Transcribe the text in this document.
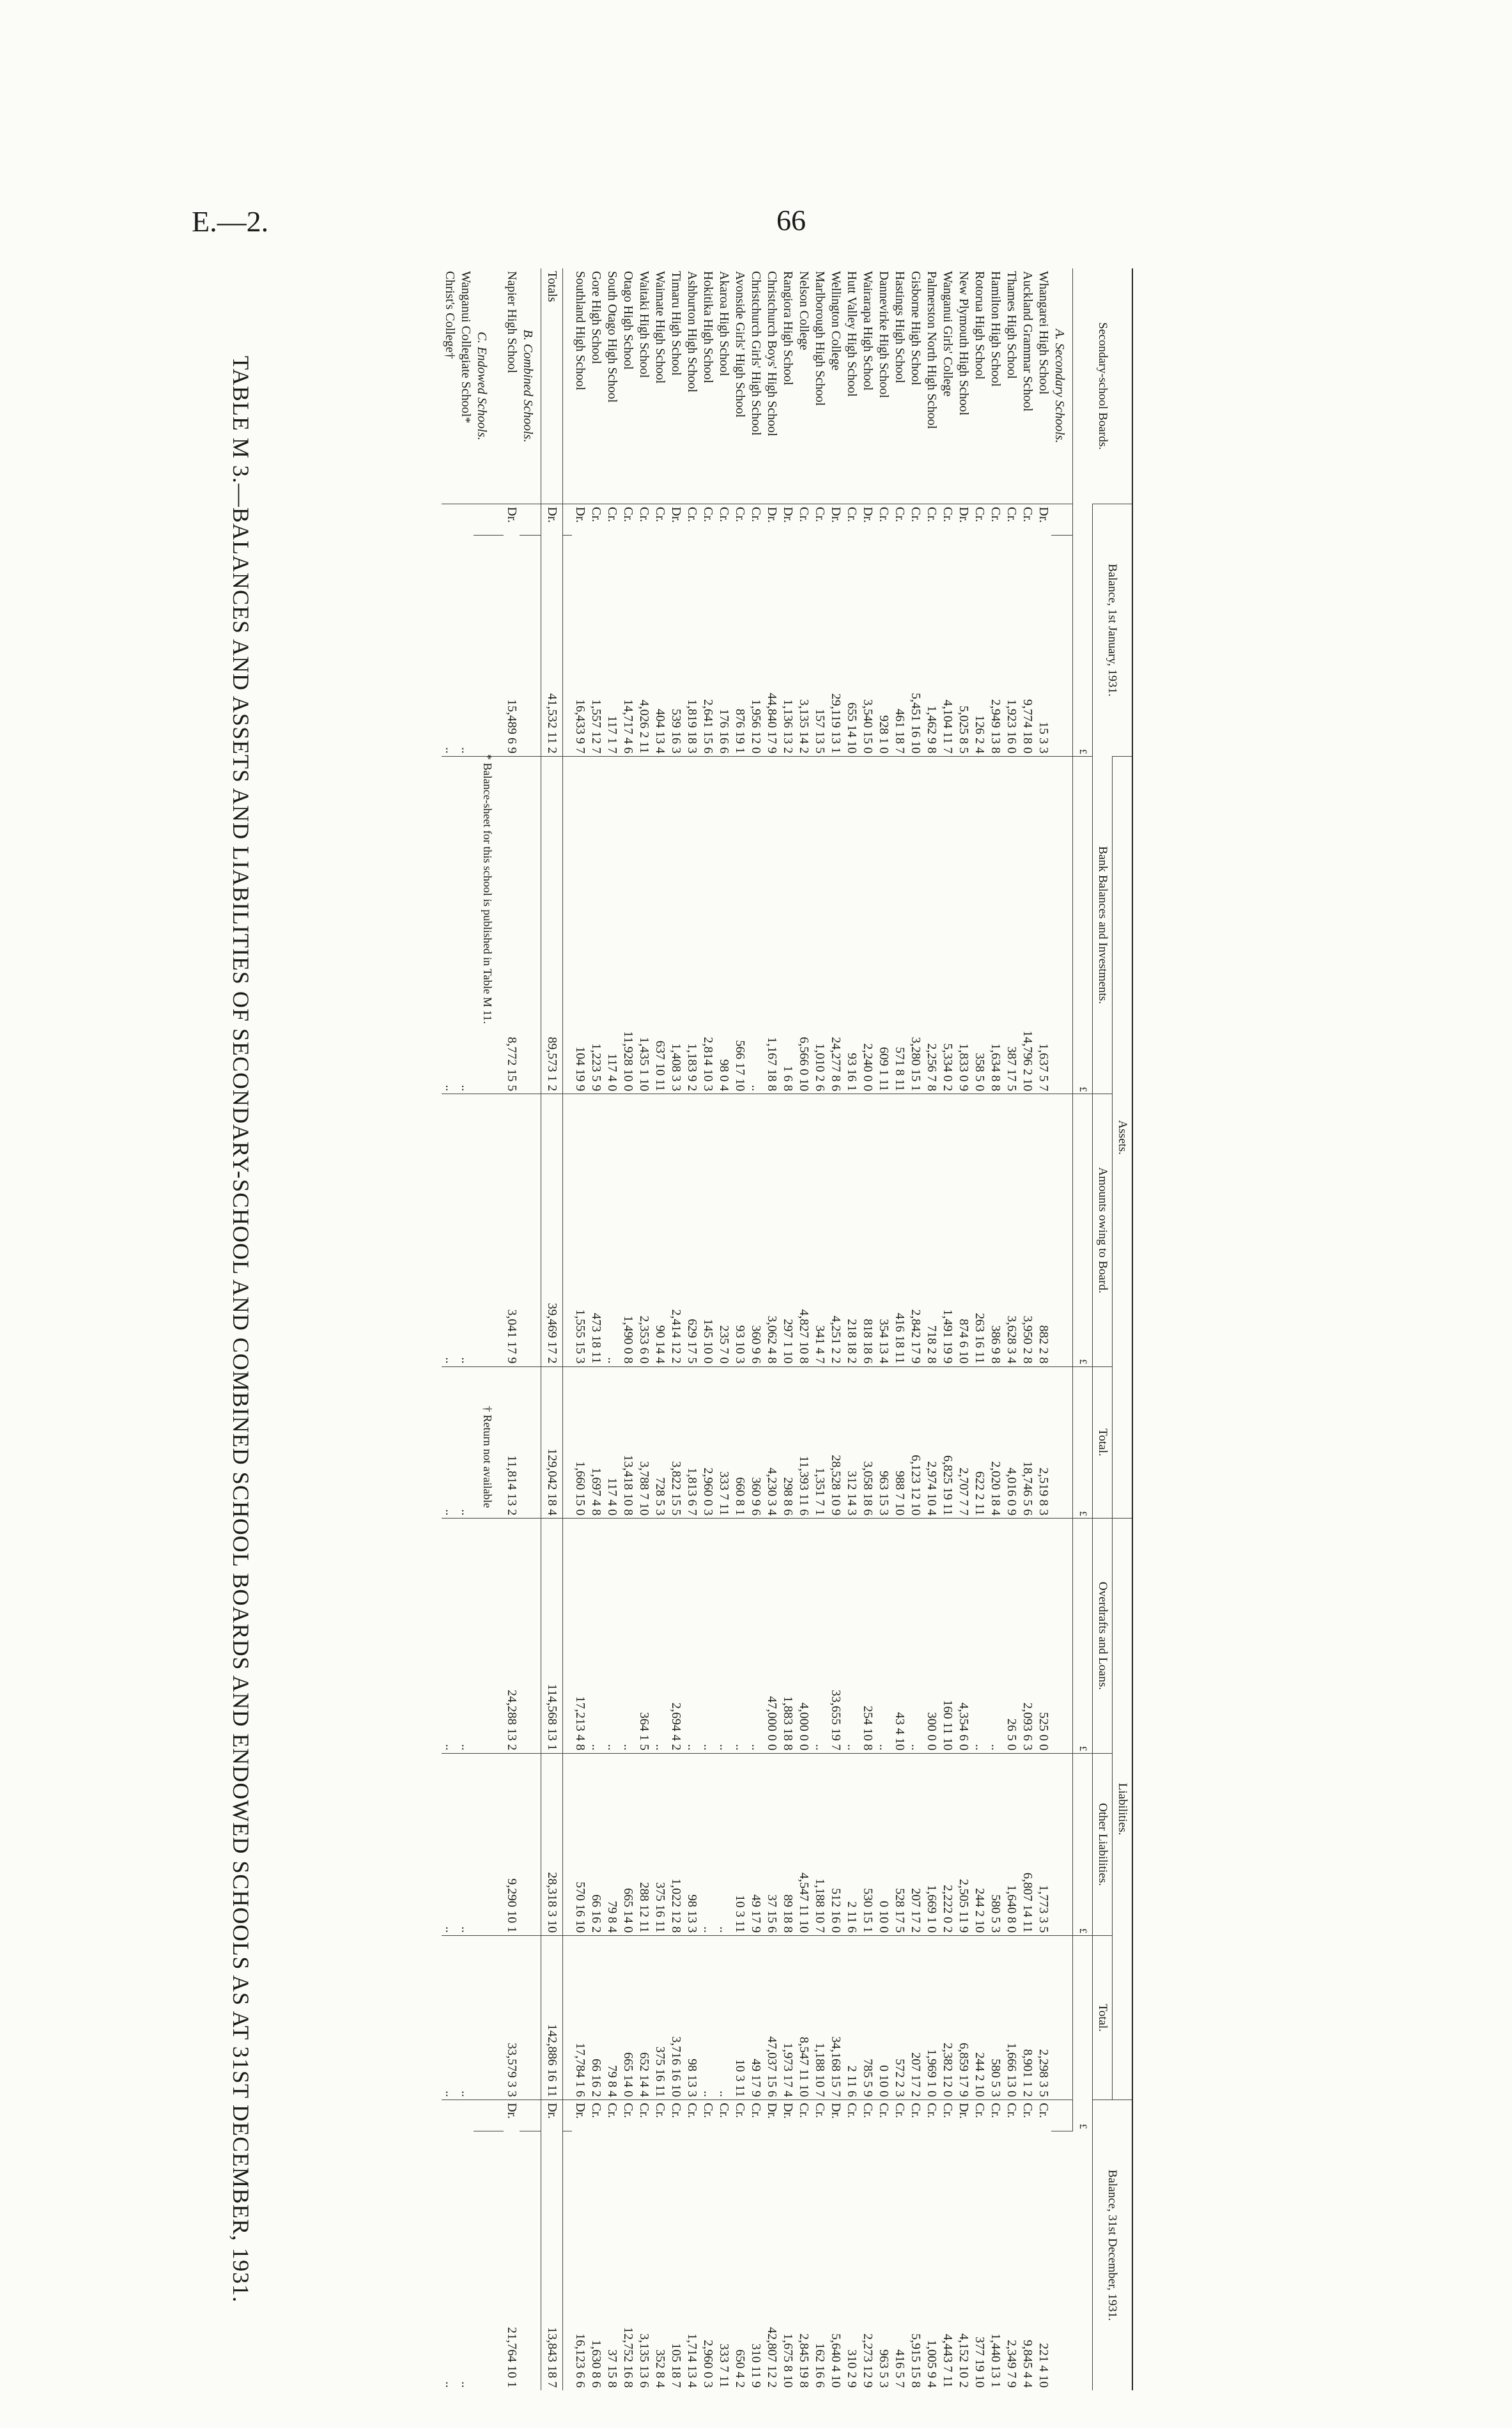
E.—2.	66
TABLE M 3.—BALANCES AND ASSETS AND LIABILITIES OF SECONDARY-SCHOOL AND COMBINED SCHOOL BOARDS AND ENDOWED SCHOOLS AS AT 31ST DECEMBER, 1931.	Secondary-school Boards.	Balance, 1st January, 1931.		Assets.			Liabilities.			Balance, 31st December, 1931.	
			Bank Balances and Investments.	Amounts owing to Board.	Total.	Overdrafts and Loans.	Other Liabilities.	Total.		
	£		£	£	£	£	£	£		
A. Secondary Schools.										
Whangarei High School	Dr.	15 3 3	1,637 5 7	882 2 8	2,519 8 3	525 0 0	1,773 3 5	2,298 3 5	Cr.	221 4 10
Auckland Grammar School	Cr.	9,774 18 0	14,796 2 10	3,950 2 8	18,746 5 6	2,093 6 3	6,807 14 11	8,901 1 2	Cr.	9,845 4 4
Thames High School	Cr.	1,923 16 0	387 17 5	3,628 3 4	4,016 0 9	26 5 0	1,640 8 0	1,666 13 0	Cr.	2,349 7 9
Hamilton High School	Cr.	2,949 13 8	1,634 8 8	386 9 8	2,020 18 4	..	580 5 3	580 5 3	Cr.	1,440 13 1
Rotorua High School	Cr.	126 2 4	358 5 0	263 16 11	622 2 11	..	244 2 10	244 2 10	Cr.	377 19 10
New Plymouth High School	Dr.	5,025 8 5	1,833 0 9	874 6 10	2,707 7 7	4,354 6 0	2,505 11 9	6,859 17 9	Dr.	4,152 10 2
Wanganui Girls' College	Cr.	4,104 11 7	5,334 0 2	1,491 19 9	6,825 19 11	160 11 10	2,222 0 2	2,382 12 0	Cr.	4,443 7 11
Palmerston North High School	Cr.	1,462 9 8	2,256 7 8	718 2 8	2,974 10 4	300 0 0	1,669 1 0	1,969 1 0	Cr.	1,005 9 4
Gisborne High School	Cr.	5,451 16 10	3,280 15 1	2,842 17 9	6,123 12 10	..	207 17 2	207 17 2	Cr.	5,915 15 8
Hastings High School	Cr.	461 18 7	571 8 11	416 18 11	988 7 10	43 4 10	528 17 5	572 2 3	Cr.	416 5 7
Dannevirke High School	Cr.	928 1 0	609 1 11	354 13 4	963 15 3	..	0 10 0	0 10 0	Cr.	963 5 3
Wairarapa High School	Dr.	3,540 15 0	2,240 0 0	818 18 6	3,058 18 6	254 10 8	530 15 1	785 5 9	Cr.	2,273 12 9
Hutt Valley High School	Cr.	655 14 10	93 16 1	218 18 2	312 14 3	..	2 11 6	2 11 6	Cr.	310 2 9
Wellington College	Dr.	29,119 13 1	24,277 8 6	4,251 2 2	28,528 10 9	33,655 19 7	512 16 0	34,168 15 7	Dr.	5,640 4 10
Marlborough High School	Cr.	157 13 5	1,010 2 6	341 4 7	1,351 7 1	..	1,188 10 7	1,188 10 7	Cr.	162 16 6
Nelson College	Cr.	3,135 14 2	6,566 0 10	4,827 10 8	11,393 11 6	4,000 0 0	4,547 11 10	8,547 11 10	Cr.	2,845 19 8
Rangiora High School	Dr.	1,136 13 2	1 6 8	297 1 10	298 8 6	1,883 18 8	89 18 8	1,973 17 4	Dr.	1,675 8 10
Christchurch Boys' High School	Dr.	44,840 17 9	1,167 18 8	3,062 4 8	4,230 3 4	47,000 0 0	37 15 6	47,037 15 6	Dr.	42,807 12 2
Christchurch Girls' High School	Cr.	1,956 12 0	..	360 9 6	360 9 6	..	49 17 9	49 17 9	Cr.	310 11 9
Avonside Girls' High School	Cr.	876 19 1	566 17 10	93 10 3	660 8 1	..	10 3 11	10 3 11	Cr.	650 4 2
Akaroa High School	Cr.	176 16 6	98 0 4	235 7 0	333 7 11	..	..	..	Cr.	333 7 11
Hokitika High School	Cr.	2,641 15 6	2,814 10 3	145 10 0	2,960 0 3	..	..	..	Cr.	2,960 0 3
Ashburton High School	Cr.	1,819 18 3	1,183 9 2	629 17 5	1,813 6 7	..	98 13 3	98 13 3	Cr.	1,714 13 4
Timaru High School	Dr.	539 16 3	1,408 3 3	2,414 12 2	3,822 15 5	2,694 4 2	1,022 12 8	3,716 16 10	Cr.	105 18 7
Waimate High School	Cr.	404 13 4	637 10 11	90 14 4	728 5 3	..	375 16 11	375 16 11	Cr.	352 8 4
Waitaki High School	Cr.	4,026 2 11	1,435 1 10	2,353 6 0	3,788 7 10	364 1 5	288 12 11	652 14 4	Cr.	3,135 13 6
Otago High School	Cr.	14,717 4 6	11,928 10 0	1,490 0 8	13,418 10 8	..	665 14 0	665 14 0	Cr.	12,752 16 8
South Otago High School	Cr.	117 1 7	117 4 0	..	117 4 0	..	79 8 4	79 8 4	Cr.	37 15 8
Gore High School	Cr.	1,557 12 7	1,223 5 9	473 18 11	1,697 4 8	..	66 16 2	66 16 2	Cr.	1,630 8 6
Southland High School	Dr.	16,433 9 7	104 19 9	1,555 15 3	1,660 15 0	17,213 4 8	570 16 10	17,784 1 6	Dr.	16,123 6 6

Totals	Dr.	41,532 11 2	89,573 1 2	39,469 17 2	129,042 18 4	114,568 13 1	28,318 3 10	142,886 16 11	Dr.	13,843 18 7
B. Combined Schools.										
Napier High School	Dr.	15,489 6 9	8,772 15 5	3,041 17 9	11,814 13 2	24,288 13 2	9,290 10 1	33,579 3 3	Dr.	21,764 10 1

C. Endowed Schools.										
Wanganui Collegiate School*		..	..	..	..	..	..	..		..
Christ's College†		..	..	..	..	..	..	..		..
* Balance-sheet for this school is published in Table M 11.
† Return not available
